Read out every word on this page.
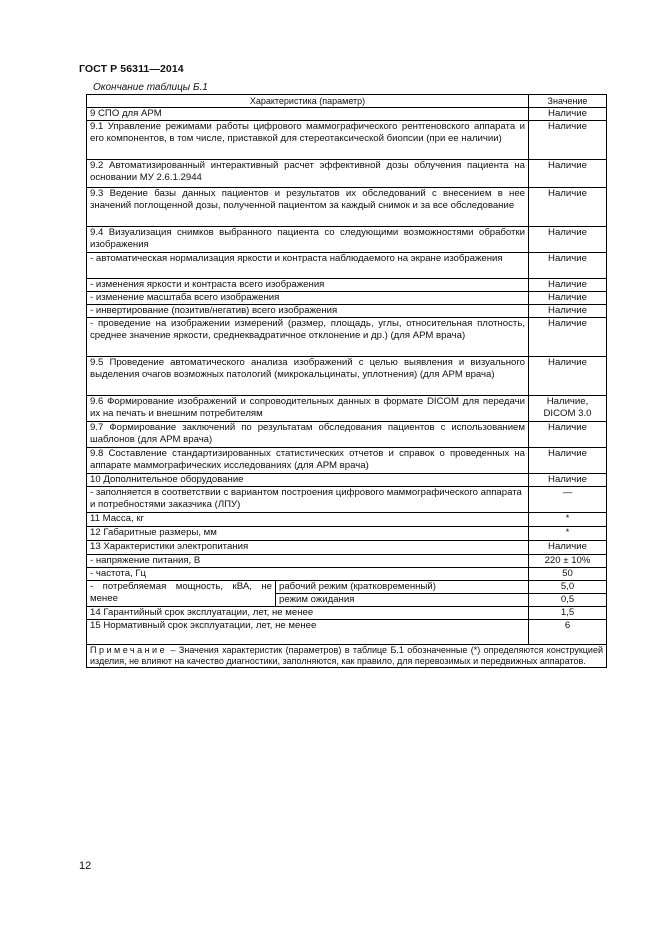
ГОСТ Р 56311—2014
Окончание таблицы Б.1
Характеристика (параметр)		Значение
9 СПО для АРМ		Наличие
9.1 Управление режимами работы цифрового маммографического рентгеновского аппарата и его компонентов, в том числе, приставкой для стереотаксической биопсии (при ее наличии)		Наличие
9.2 Автоматизированный интерактивный расчет эффективной дозы облучения пациента на основании МУ 2.6.1.2944		Наличие
9.3 Ведение базы данных пациентов и результатов их обследований с внесением в нее значений поглощенной дозы, полученной пациентом за каждый снимок и за все обследование		Наличие
9.4 Визуализация снимков выбранного пациента со следующими возможностями обработки изображения		Наличие
- автоматическая нормализация яркости и контраста наблюдаемого на экране изображения		Наличие
- изменения яркости и контраста всего изображения		Наличие
- изменение масштаба всего изображения		Наличие
- инвертирование (позитив/негатив) всего изображения		Наличие
- проведение на изображении измерений (размер, площадь, углы, относительная плотность, среднее значение яркости, среднеквадратичное отклонение и др.) (для АРМ врача)		Наличие
9.5 Проведение автоматического анализа изображений с целью выявления и визуального выделения очагов возможных патологий (микрокальцинаты, уплотнения) (для АРМ врача)		Наличие
9.6 Формирование изображений и сопроводительных данных в формате DICOM для передачи их на печать и внешним потребителям		Наличие,
DICOM 3.0
9.7 Формирование заключений по результатам обследования пациентов с использованием шаблонов (для АРМ врача)		Наличие
9.8 Составление стандартизированных статистических отчетов и справок о проведенных на аппарате маммографических исследованиях (для АРМ врача)		Наличие
10 Дополнительное оборудование		Наличие
- заполняется в соответствии с вариантом построения цифрового маммографического аппарата и потребностями заказчика (ЛПУ)		—
11 Масса, кг		*
12 Габаритные размеры, мм		*
13 Характеристики электропитания		Наличие
- напряжение питания, В		220 ± 10%
- частота, Гц		50
- потребляемая мощность, кВА, не менее	рабочий режим (кратковременный)	5,0
	режим ожидания	0,5
14 Гарантийный срок эксплуатации, лет, не менее		1,5
15 Нормативный срок эксплуатации, лет, не менее		6
Примечание – Значения характеристик (параметров) в таблице Б.1 обозначенные (*) определяются конструкцией изделия, не влияют на качество диагностики, заполняются, как правило, для перевозимых и передвижных аппаратов.		
12
